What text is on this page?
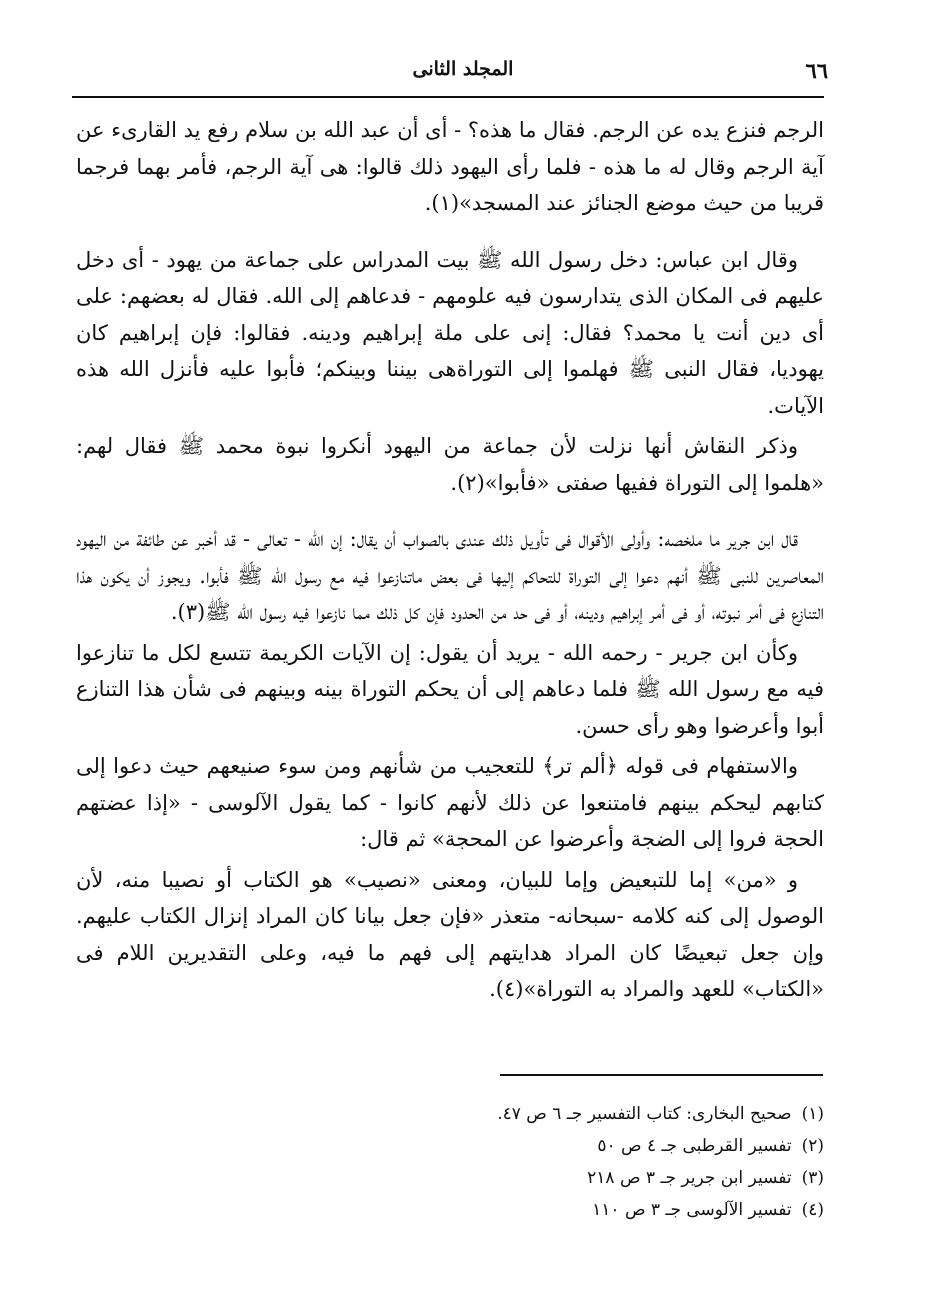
٦٦
المجلد الثانى

الرجم فنزع يده عن الرجم. فقال ما هذه؟ - أى أن عبد الله بن سلام رفع يد القارىء عن آية الرجم وقال له ما هذه - فلما رأى اليهود ذلك قالوا: هى آية الرجم، فأمر بهما فرجما قريبا من حيث موضع الجنائز عند المسجد»(١).

وقال ابن عباس: دخل رسول الله ﷺ بيت المدراس على جماعة من يهود - أى دخل عليهم فى المكان الذى يتدارسون فيه علومهم - فدعاهم إلى الله. فقال له بعضهم: على أى دين أنت يا محمد؟ فقال: إنى على ملة إبراهيم ودينه. فقالوا: فإن إبراهيم كان يهوديا، فقال النبى ﷺ فهلموا إلى التوراةهى بيننا وبينكم؛ فأبوا عليه فأنزل الله هذه الآيات.

وذكر النقاش أنها نزلت لأن جماعة من اليهود أنكروا نبوة محمد ﷺ فقال لهم: «هلموا إلى التوراة ففيها صفتى «فأبوا»(٢).

قال ابن جرير ما ملخصه: وأولى الأقوال فى تأويل ذلك عندى بالصواب أن يقال: إن الله - تعالى - قد أخبر عن طائفة من اليهود المعاصرين للنبى ﷺ أنهم دعوا إلى التوراة للتحاكم إليها فى بعض ماتنازعوا فيه مع رسول الله ﷺ فأبوا. ويجوز أن يكون هذا التنازع فى أمر نبوته، أو فى أمر إبراهيم ودينه، أو فى حد من الحدود فإن كل ذلك مما نازعوا فيه رسول الله ﷺ(٣).

وكأن ابن جرير - رحمه الله - يريد أن يقول: إن الآيات الكريمة تتسع لكل ما تنازعوا فيه مع رسول الله ﷺ فلما دعاهم إلى أن يحكم التوراة بينه وبينهم فى شأن هذا التنازع أبوا وأعرضوا وهو رأى حسن.

والاستفهام فى قوله ﴿ألم تر﴾ للتعجيب من شأنهم ومن سوء صنيعهم حيث دعوا إلى كتابهم ليحكم بينهم فامتنعوا عن ذلك لأنهم كانوا - كما يقول الآلوسى - «إذا عضتهم الحجة فروا إلى الضجة وأعرضوا عن المحجة» ثم قال:

و «من» إما للتبعيض وإما للبيان، ومعنى «نصيب» هو الكتاب أو نصيبا منه، لأن الوصول إلى كنه كلامه -سبحانه- متعذر «فإن جعل بيانا كان المراد إنزال الكتاب عليهم. وإن جعل تبعيضًا كان المراد هدايتهم إلى فهم ما فيه، وعلى التقديرين اللام فى «الكتاب» للعهد والمراد به التوراة»(٤).

(١)صحيح البخارى: كتاب التفسير جـ ٦ ص ٤٧.
(٢)تفسير القرطبى جـ ٤ ص ٥٠
(٣)تفسير ابن جرير جـ ٣ ص ٢١٨
(٤)تفسير الآلوسى جـ ٣ ص ١١٠
